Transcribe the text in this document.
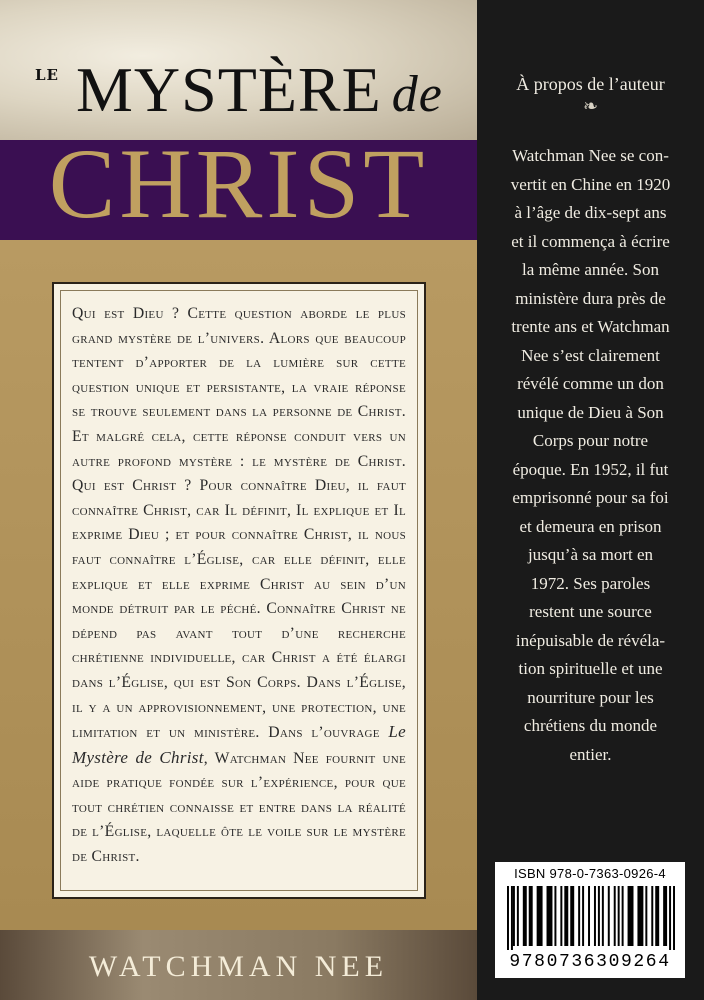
LE MYSTÈRE de
CHRIST
Qui est Dieu ? Cette question aborde le plus grand mystère de l’univers. Alors que beaucoup tentent d’apporter de la lumière sur cette question unique et persistante, la vraie réponse se trouve seulement dans la personne de Christ. Et malgré cela, cette réponse conduit vers un autre profond mystère : le mystère de Christ. Qui est Christ ? Pour connaître Dieu, il faut connaître Christ, car Il définit, Il explique et Il exprime Dieu ; et pour connaître Christ, il nous faut connaître l’Église, car elle définit, elle explique et elle exprime Christ au sein d’un monde détruit par le péché. Connaître Christ ne dépend pas avant tout d’une recherche chrétienne individuelle, car Christ a été élargi dans l’Église, qui est Son Corps. Dans l’Église, il y a un approvisionnement, une protection, une limitation et un ministère. Dans l’ouvrage Le Mystère de Christ, Watchman Nee fournit une aide pratique fondée sur l’expérience, pour que tout chrétien connaisse et entre dans la réalité de l’Église, laquelle ôte le voile sur le mystère de Christ.
WATCHMAN NEE
À propos de l’auteur
❧
Watchman Nee se con-
vertit en Chine en 1920
à l’âge de dix-sept ans
et il commença à écrire
la même année. Son
ministère dura près de
trente ans et Watchman
Nee s’est clairement
révélé comme un don
unique de Dieu à Son
Corps pour notre
époque. En 1952, il fut
emprisonné pour sa foi
et demeura en prison
jusqu’à sa mort en
1972. Ses paroles
restent une source
inépuisable de révéla-
tion spirituelle et une
nourriture pour les
chrétiens du monde
entier.
ISBN 978-0-7363-0926-4
9780736309264
